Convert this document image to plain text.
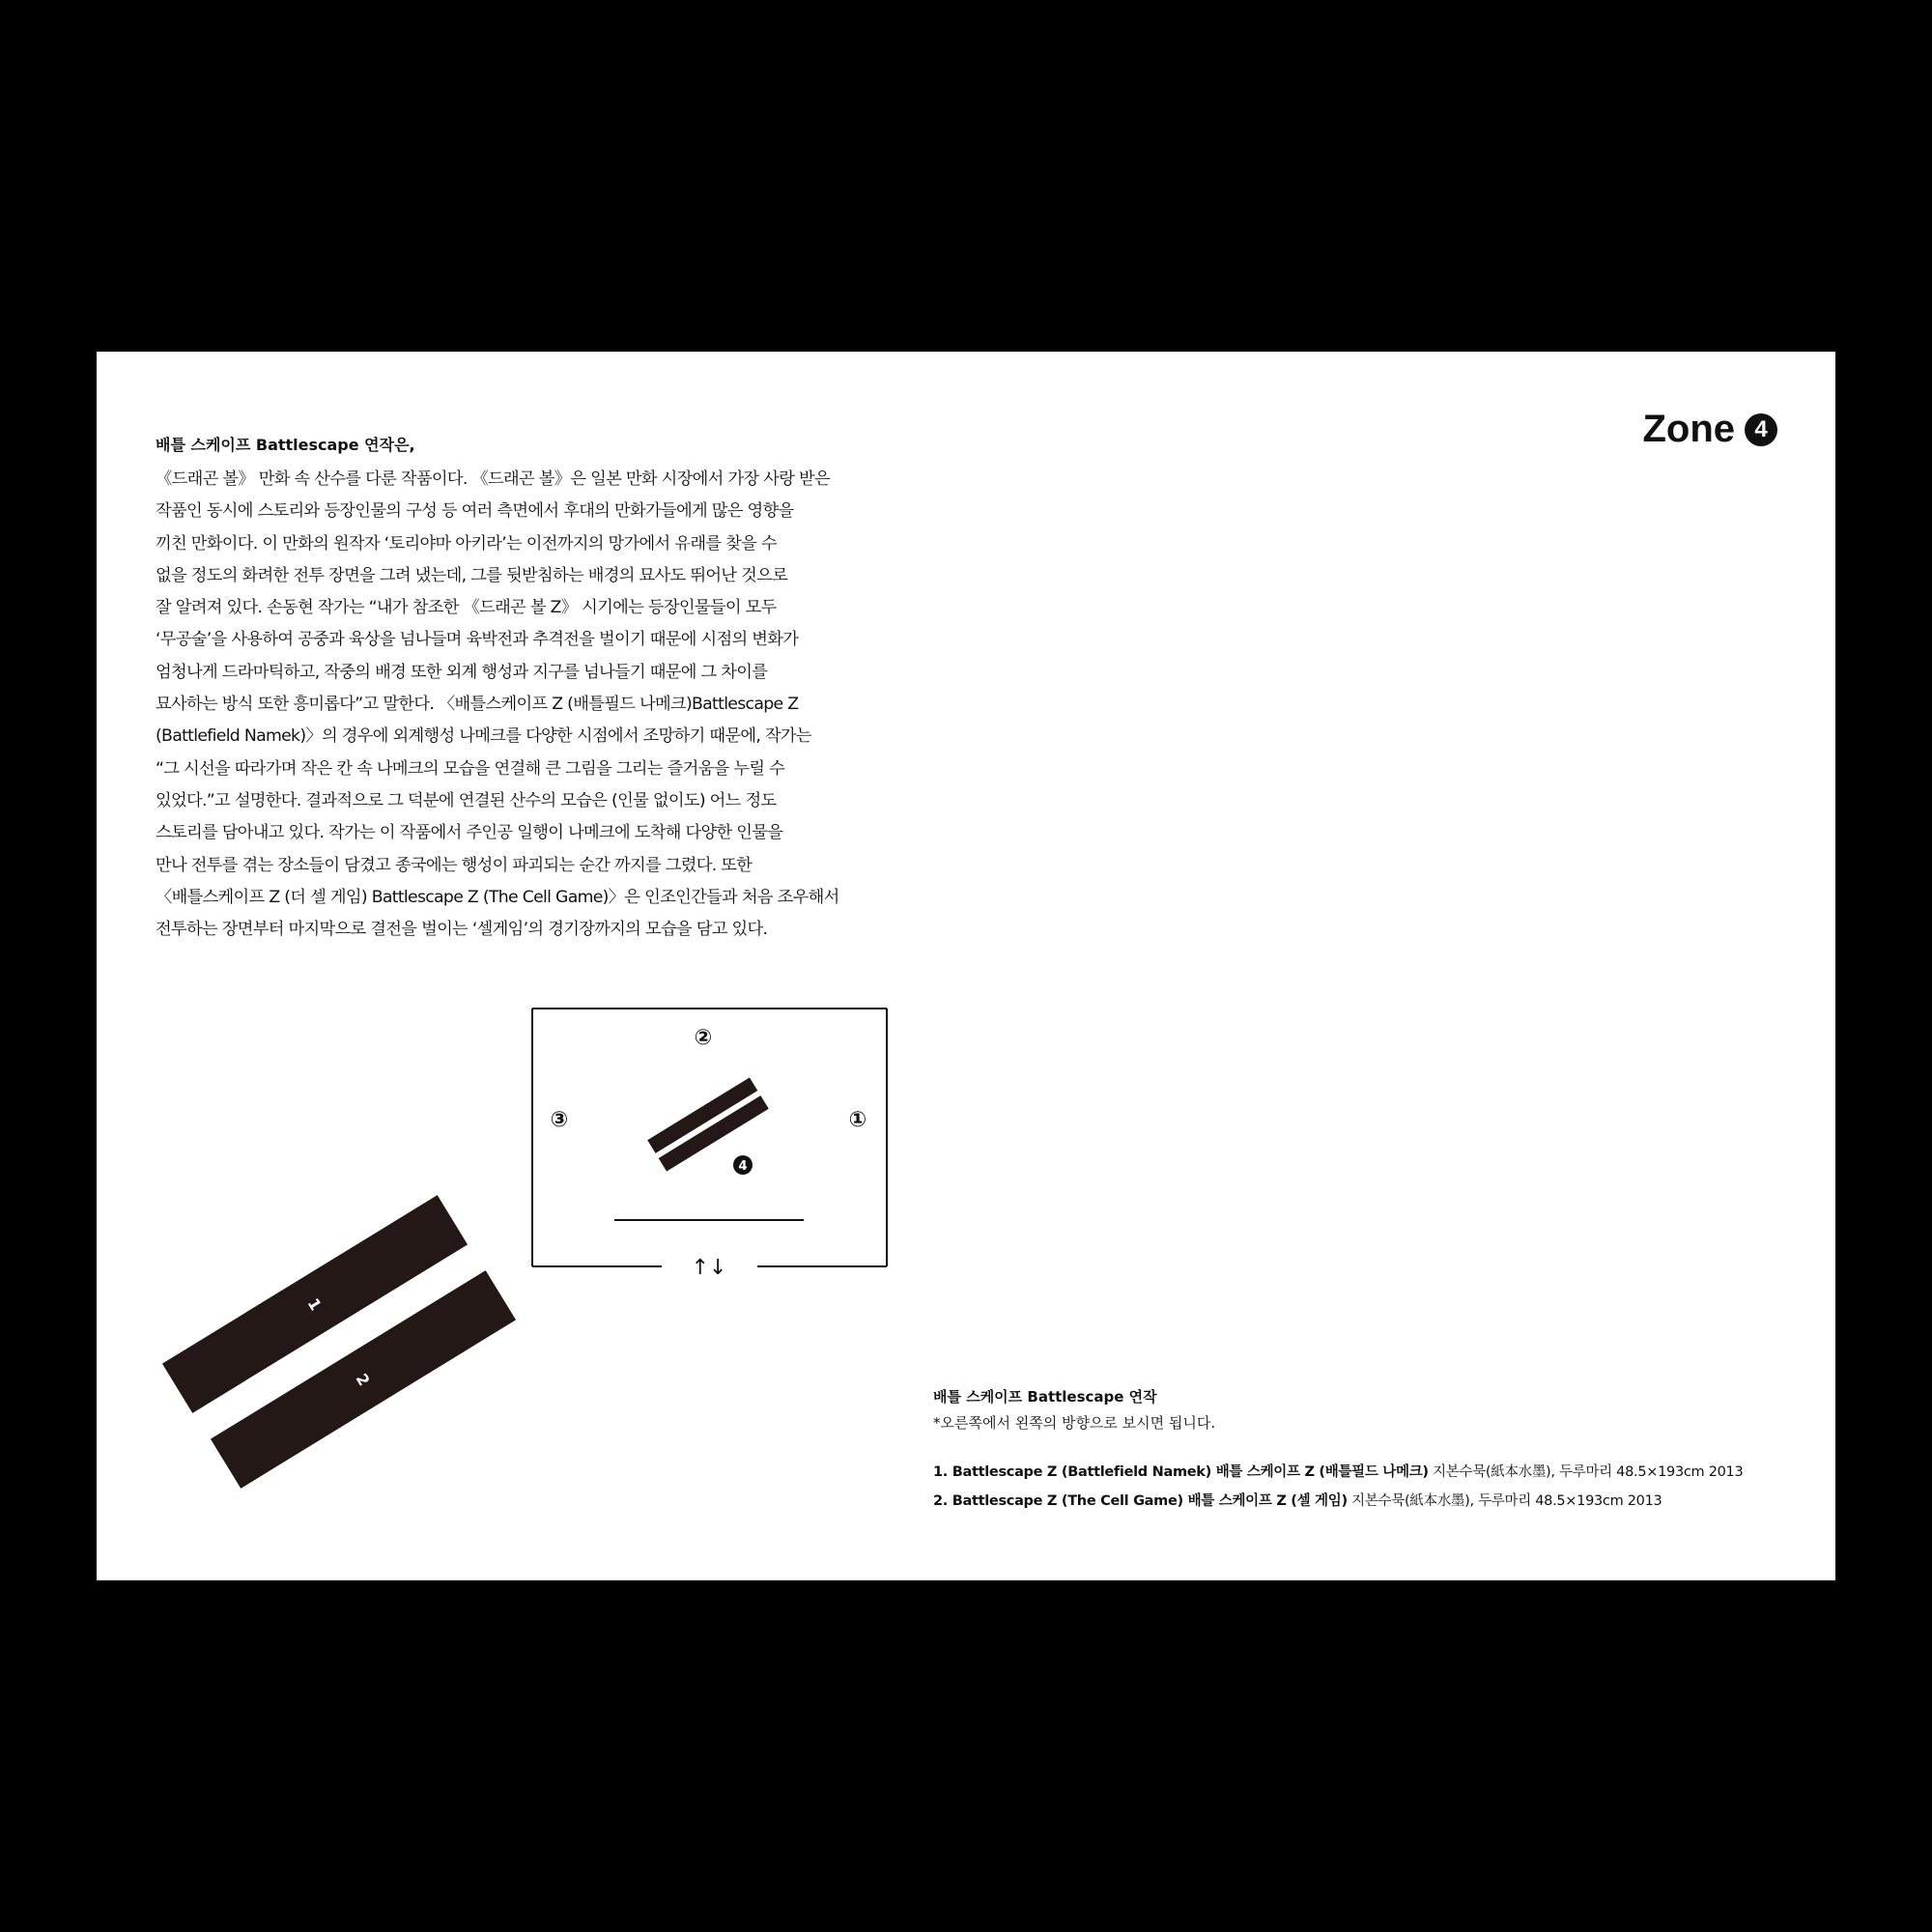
Zone 4

배틀 스케이프 Battlescape 연작은,

《드래곤 볼》 만화 속 산수를 다룬 작품이다. 《드래곤 볼》은 일본 만화 시장에서 가장 사랑 받은

작품인 동시에 스토리와 등장인물의 구성 등 여러 측면에서 후대의 만화가들에게 많은 영향을

끼친 만화이다. 이 만화의 원작자 ‘토리야마 아키라’는 이전까지의 망가에서 유래를 찾을 수

없을 정도의 화려한 전투 장면을 그려 냈는데, 그를 뒷받침하는 배경의 묘사도 뛰어난 것으로

잘 알려져 있다. 손동현 작가는 “내가 참조한 《드래곤 볼 Z》 시기에는 등장인물들이 모두

‘무공술’을 사용하여 공중과 육상을 넘나들며 육박전과 추격전을 벌이기 때문에 시점의 변화가

엄청나게 드라마틱하고, 작중의 배경 또한 외계 행성과 지구를 넘나들기 때문에 그 차이를

묘사하는 방식 또한 흥미롭다”고 말한다. 〈배틀스케이프 Z (배틀필드 나메크)Battlescape Z

(Battlefield Namek)〉의 경우에 외계행성 나메크를 다양한 시점에서 조망하기 때문에, 작가는

“그 시선을 따라가며 작은 칸 속 나메크의 모습을 연결해 큰 그림을 그리는 즐거움을 누릴 수

있었다.”고 설명한다. 결과적으로 그 덕분에 연결된 산수의 모습은 (인물 없이도) 어느 정도

스토리를 담아내고 있다. 작가는 이 작품에서 주인공 일행이 나메크에 도착해 다양한 인물을

만나 전투를 겪는 장소들이 담겼고 종국에는 행성이 파괴되는 순간 까지를 그렸다. 또한

〈배틀스케이프 Z (더 셀 게임) Battlescape Z (The Cell Game)〉은 인조인간들과 처음 조우해서

전투하는 장면부터 마지막으로 결전을 벌이는 ‘셀게임’의 경기장까지의 모습을 담고 있다.

②
①
③
4
↑↓
1
2

배틀 스케이프 Battlescape 연작

*오른쪽에서 왼쪽의 방향으로 보시면 됩니다.

1. Battlescape Z (Battlefield Namek) 배틀 스케이프 Z (배틀필드 나메크) 지본수묵(紙本水墨), 두루마리 48.5×193cm 2013

2. Battlescape Z (The Cell Game) 배틀 스케이프 Z (셀 게임) 지본수묵(紙本水墨), 두루마리 48.5×193cm 2013
